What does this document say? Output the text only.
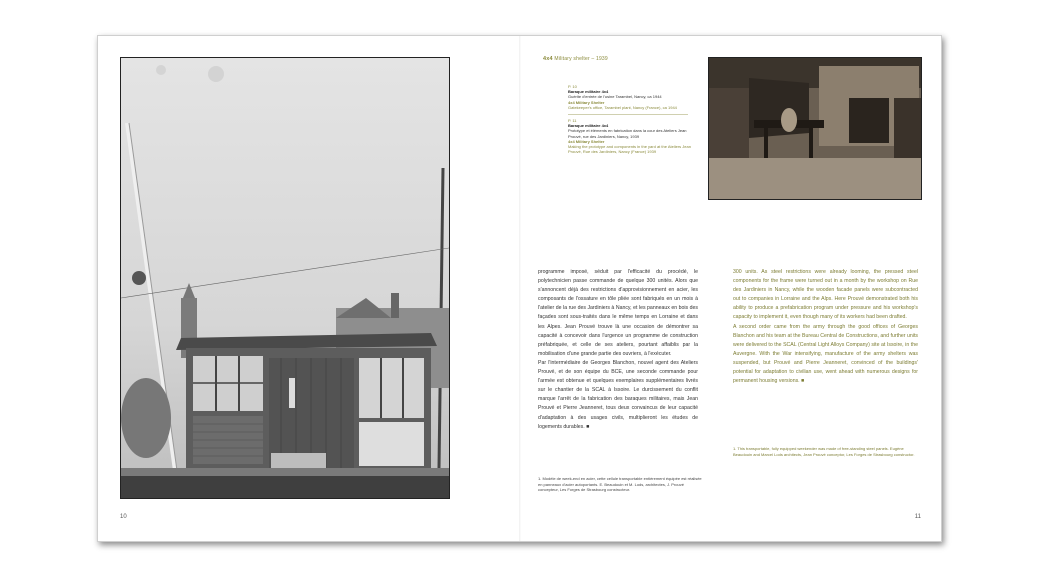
4x4 Military shelter – 1939
P. 10
Baraque militaire 4x4
Guérite d'entrée de l'usine Tarambel, Nancy, ca 1944
4x4 Military Shelter
Gatekeeper's office, Tarambel plant, Nancy (France), ca 1944
P. 11
Baraque militaire 4x4
Prototype et éléments en fabrication dans la cour des Ateliers Jean Prouvé, rue des Jardiniers, Nancy, 1939
4x4 Military Shelter
Making the prototype and components in the yard at the Ateliers Jean Prouvé, Rue des Jardiniers, Nancy (France) 1939

programme imposé, séduit par l'efficacité du procédé, le polytechnicien passe commande de quelque 300 unités. Alors que s'annoncent déjà des restrictions d'approvisionnement en acier, les composants de l'ossature en tôle pliée sont fabriqués en un mois à l'atelier de la rue des Jardiniers à Nancy, et les panneaux en bois des façades sont sous-traités dans le même temps en Lorraine et dans les Alpes. Jean Prouvé trouve là une occasion de démontrer sa capacité à concevoir dans l'urgence un programme de construction préfabriquée, et celle de ses ateliers, pourtant affaiblis par la mobilisation d'une grande partie des ouvriers, à l'exécuter.

Par l'intermédiaire de Georges Blanchon, nouvel agent des Ateliers Prouvé, et de son équipe du BCE, une seconde commande pour l'armée est obtenue et quelques exemplaires supplémentaires livrés sur le chantier de la SCAL à Issoire. Le durcissement du conflit marque l'arrêt de la fabrication des baraques militaires, mais Jean Prouvé et Pierre Jeanneret, tous deux convaincus de leur capacité d'adaptation à des usages civils, multiplieront les études de logements durables. ■

1. Modèle de week-end en acier, cette cellule transportable entièrement équipée est réalisée en panneaux d'acier autoportants. E. Beaudouin et M. Lods, architectes, J. Prouvé concepteur, Les Forges de Strasbourg constructeur.

300 units. As steel restrictions were already looming, the pressed steel components for the frame were turned out in a month by the workshop on Rue des Jardiniers in Nancy, while the wooden facade panels were subcontracted out to companies in Lorraine and the Alps. Here Prouvé demonstrated both his ability to produce a prefabrication program under pressure and his workshop's capacity to implement it, even though many of its workers had been drafted.

A second order came from the army through the good offices of Georges Blanchon and his team at the Bureau Central de Constructions, and further units were delivered to the SCAL (Central Light Alloys Company) site at Issoire, in the Auvergne. With the War intensifying, manufacture of the army shelters was suspended, but Prouvé and Pierre Jeanneret, convinced of the buildings' potential for adaptation to civilian use, went ahead with numerous designs for permanent housing versions. ■

1. This transportable, fully equipped weekender was made of free-standing steel panels. Eugène Beaudouin and Marcel Lods architects, Jean Prouvé conceptor, Les Forges de Strasbourg constructor.
10	11
